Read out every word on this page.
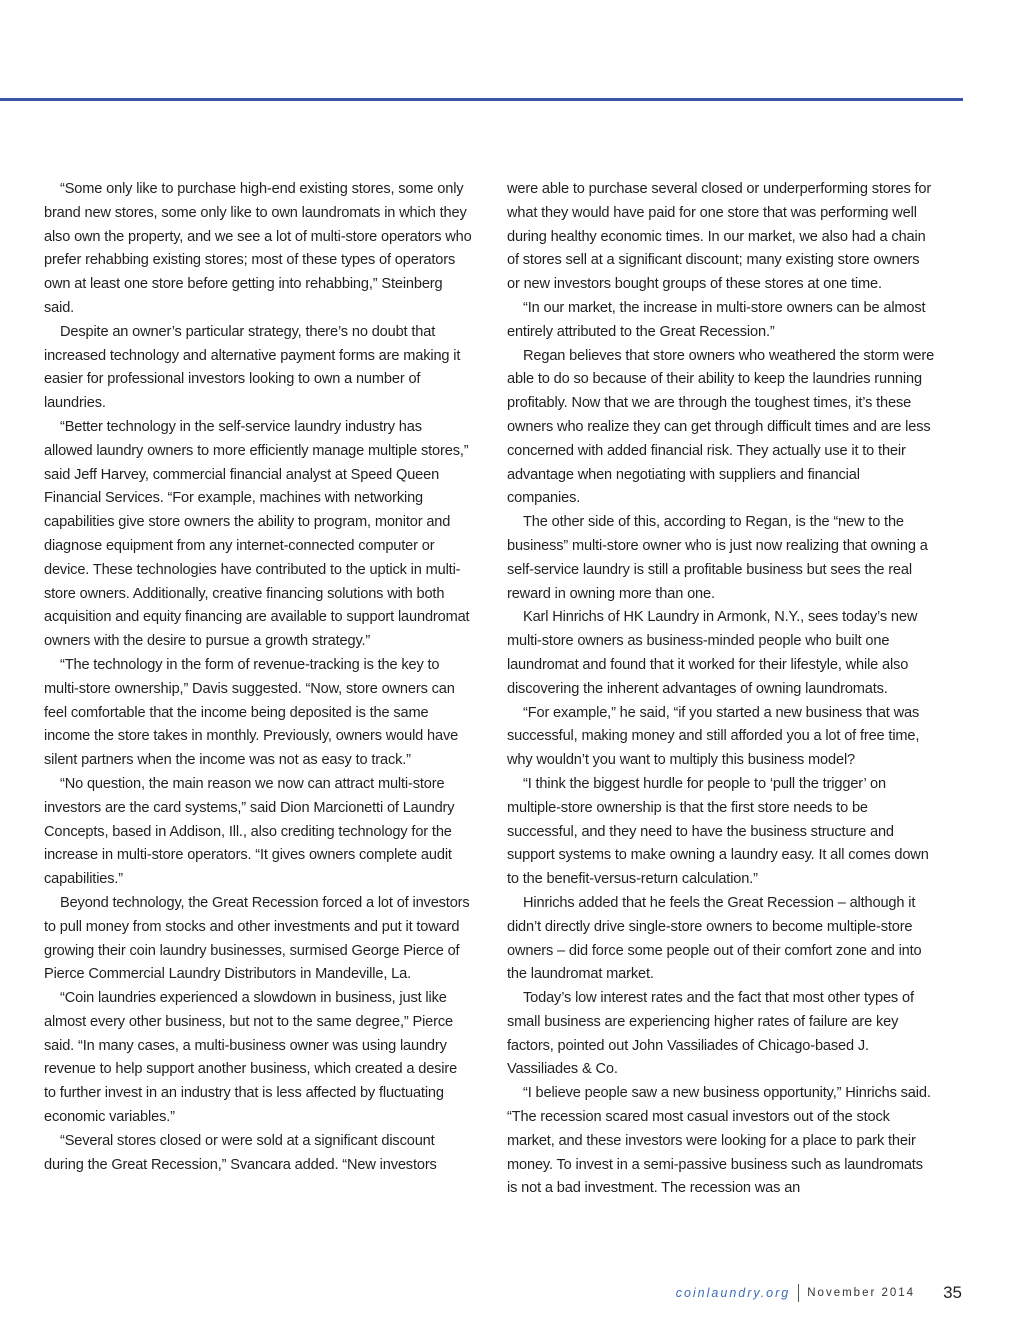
“Some only like to purchase high-end existing stores, some only brand new stores, some only like to own laundromats in which they also own the property, and we see a lot of multi-store operators who prefer rehabbing existing stores; most of these types of operators own at least one store before getting into rehabbing,” Steinberg said.

Despite an owner’s particular strategy, there’s no doubt that increased technology and alternative payment forms are making it easier for professional investors looking to own a number of laundries.

“Better technology in the self-service laundry industry has allowed laundry owners to more efficiently manage multiple stores,” said Jeff Harvey, commercial financial analyst at Speed Queen Financial Services. “For example, machines with networking capabilities give store owners the ability to program, monitor and diagnose equipment from any internet-connected computer or device. These technologies have contributed to the uptick in multi-store owners. Additionally, creative financing solutions with both acquisition and equity financing are available to support laundromat owners with the desire to pursue a growth strategy.”

“The technology in the form of revenue-tracking is the key to multi-store ownership,” Davis suggested. “Now, store owners can feel comfortable that the income being deposited is the same income the store takes in monthly. Previously, owners would have silent partners when the income was not as easy to track.”

“No question, the main reason we now can attract multi-store investors are the card systems,” said Dion Marcionetti of Laundry Concepts, based in Addison, Ill., also crediting technology for the increase in multi-store operators. “It gives owners complete audit capabilities.”

Beyond technology, the Great Recession forced a lot of investors to pull money from stocks and other investments and put it toward growing their coin laundry businesses, surmised George Pierce of Pierce Commercial Laundry Distributors in Mandeville, La.

“Coin laundries experienced a slowdown in business, just like almost every other business, but not to the same degree,” Pierce said. “In many cases, a multi-business owner was using laundry revenue to help support another business, which created a desire to further invest in an industry that is less affected by fluctuating economic variables.”

“Several stores closed or were sold at a significant discount during the Great Recession,” Svancara added. “New investors

were able to purchase several closed or underperforming stores for what they would have paid for one store that was performing well during healthy economic times. In our market, we also had a chain of stores sell at a significant discount; many existing store owners or new investors bought groups of these stores at one time.

“In our market, the increase in multi-store owners can be almost entirely attributed to the Great Recession.”

Regan believes that store owners who weathered the storm were able to do so because of their ability to keep the laundries running profitably. Now that we are through the toughest times, it’s these owners who realize they can get through difficult times and are less concerned with added financial risk. They actually use it to their advantage when negotiating with suppliers and financial companies.

The other side of this, according to Regan, is the “new to the business” multi-store owner who is just now realizing that owning a self-service laundry is still a profitable business but sees the real reward in owning more than one.

Karl Hinrichs of HK Laundry in Armonk, N.Y., sees today’s new multi-store owners as business-minded people who built one laundromat and found that it worked for their lifestyle, while also discovering the inherent advantages of owning laundromats.

“For example,” he said, “if you started a new business that was successful, making money and still afforded you a lot of free time, why wouldn’t you want to multiply this business model?

“I think the biggest hurdle for people to ‘pull the trigger’ on multiple-store ownership is that the first store needs to be successful, and they need to have the business structure and support systems to make owning a laundry easy. It all comes down to the benefit-versus-return calculation.”

Hinrichs added that he feels the Great Recession – although it didn’t directly drive single-store owners to become multiple-store owners – did force some people out of their comfort zone and into the laundromat market.

Today’s low interest rates and the fact that most other types of small business are experiencing higher rates of failure are key factors, pointed out John Vassiliades of Chicago-based J. Vassiliades & Co.

“I believe people saw a new business opportunity,” Hinrichs said. “The recession scared most casual investors out of the stock market, and these investors were looking for a place to park their money. To invest in a semi-passive business such as laundromats is not a bad investment. The recession was an

coinlaundry.org November 2014 35
